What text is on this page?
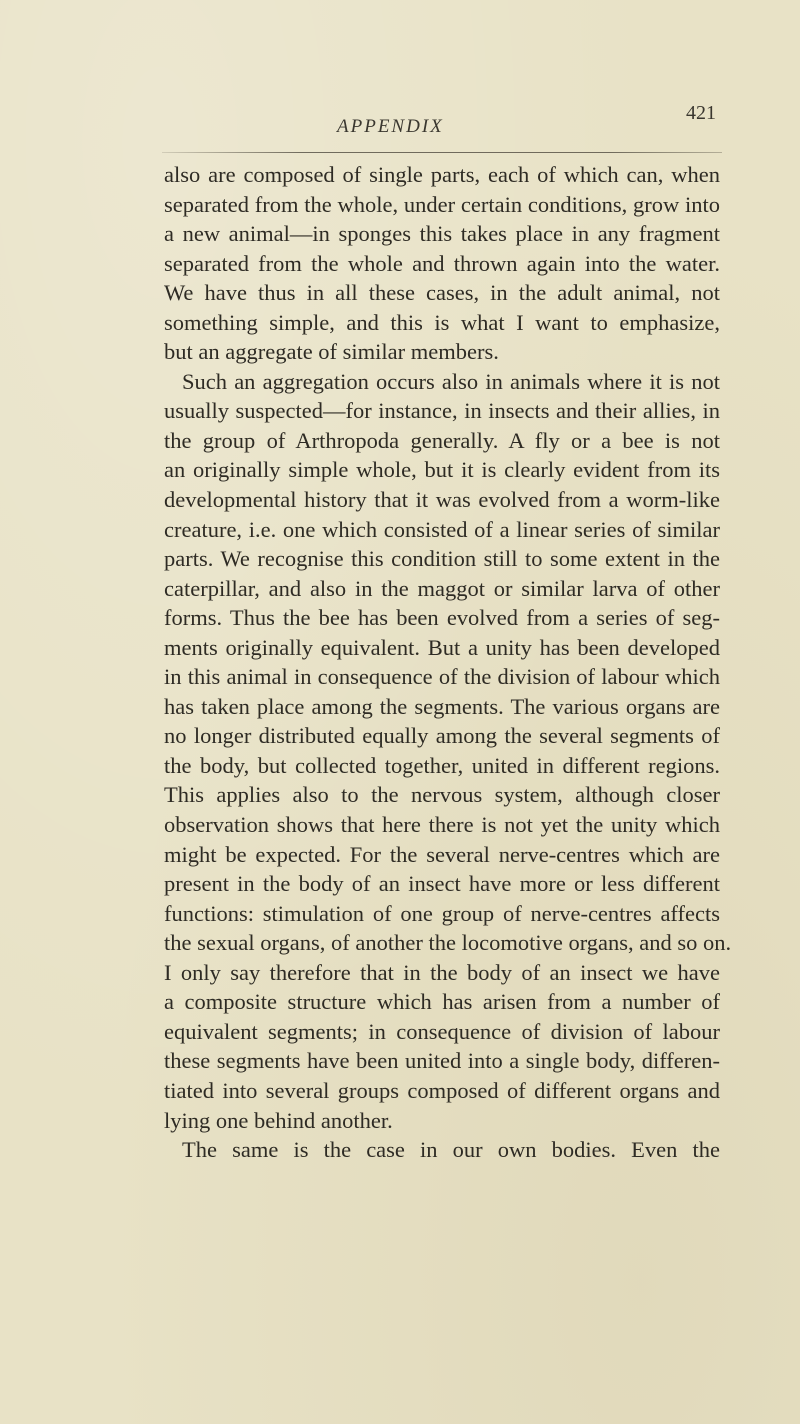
APPENDIX
421
also are composed of single parts, each of which can, when
separated from the whole, under certain conditions, grow into
a new animal—in sponges this takes place in any fragment
separated from the whole and thrown again into the water.
We have thus in all these cases, in the adult animal, not
something simple, and this is what I want to emphasize,
but an aggregate of similar members.
Such an aggregation occurs also in animals where it is not
usually suspected—for instance, in insects and their allies, in
the group of Arthropoda generally. A fly or a bee is not
an originally simple whole, but it is clearly evident from its
developmental history that it was evolved from a worm-like
creature, i.e. one which consisted of a linear series of similar
parts. We recognise this condition still to some extent in the
caterpillar, and also in the maggot or similar larva of other
forms. Thus the bee has been evolved from a series of seg-
ments originally equivalent. But a unity has been developed
in this animal in consequence of the division of labour which
has taken place among the segments. The various organs are
no longer distributed equally among the several segments of
the body, but collected together, united in different regions.
This applies also to the nervous system, although closer
observation shows that here there is not yet the unity which
might be expected. For the several nerve-centres which are
present in the body of an insect have more or less different
functions: stimulation of one group of nerve-centres affects
the sexual organs, of another the locomotive organs, and so on.
I only say therefore that in the body of an insect we have
a composite structure which has arisen from a number of
equivalent segments; in consequence of division of labour
these segments have been united into a single body, differen-
tiated into several groups composed of different organs and
lying one behind another.
The same is the case in our own bodies. Even the
